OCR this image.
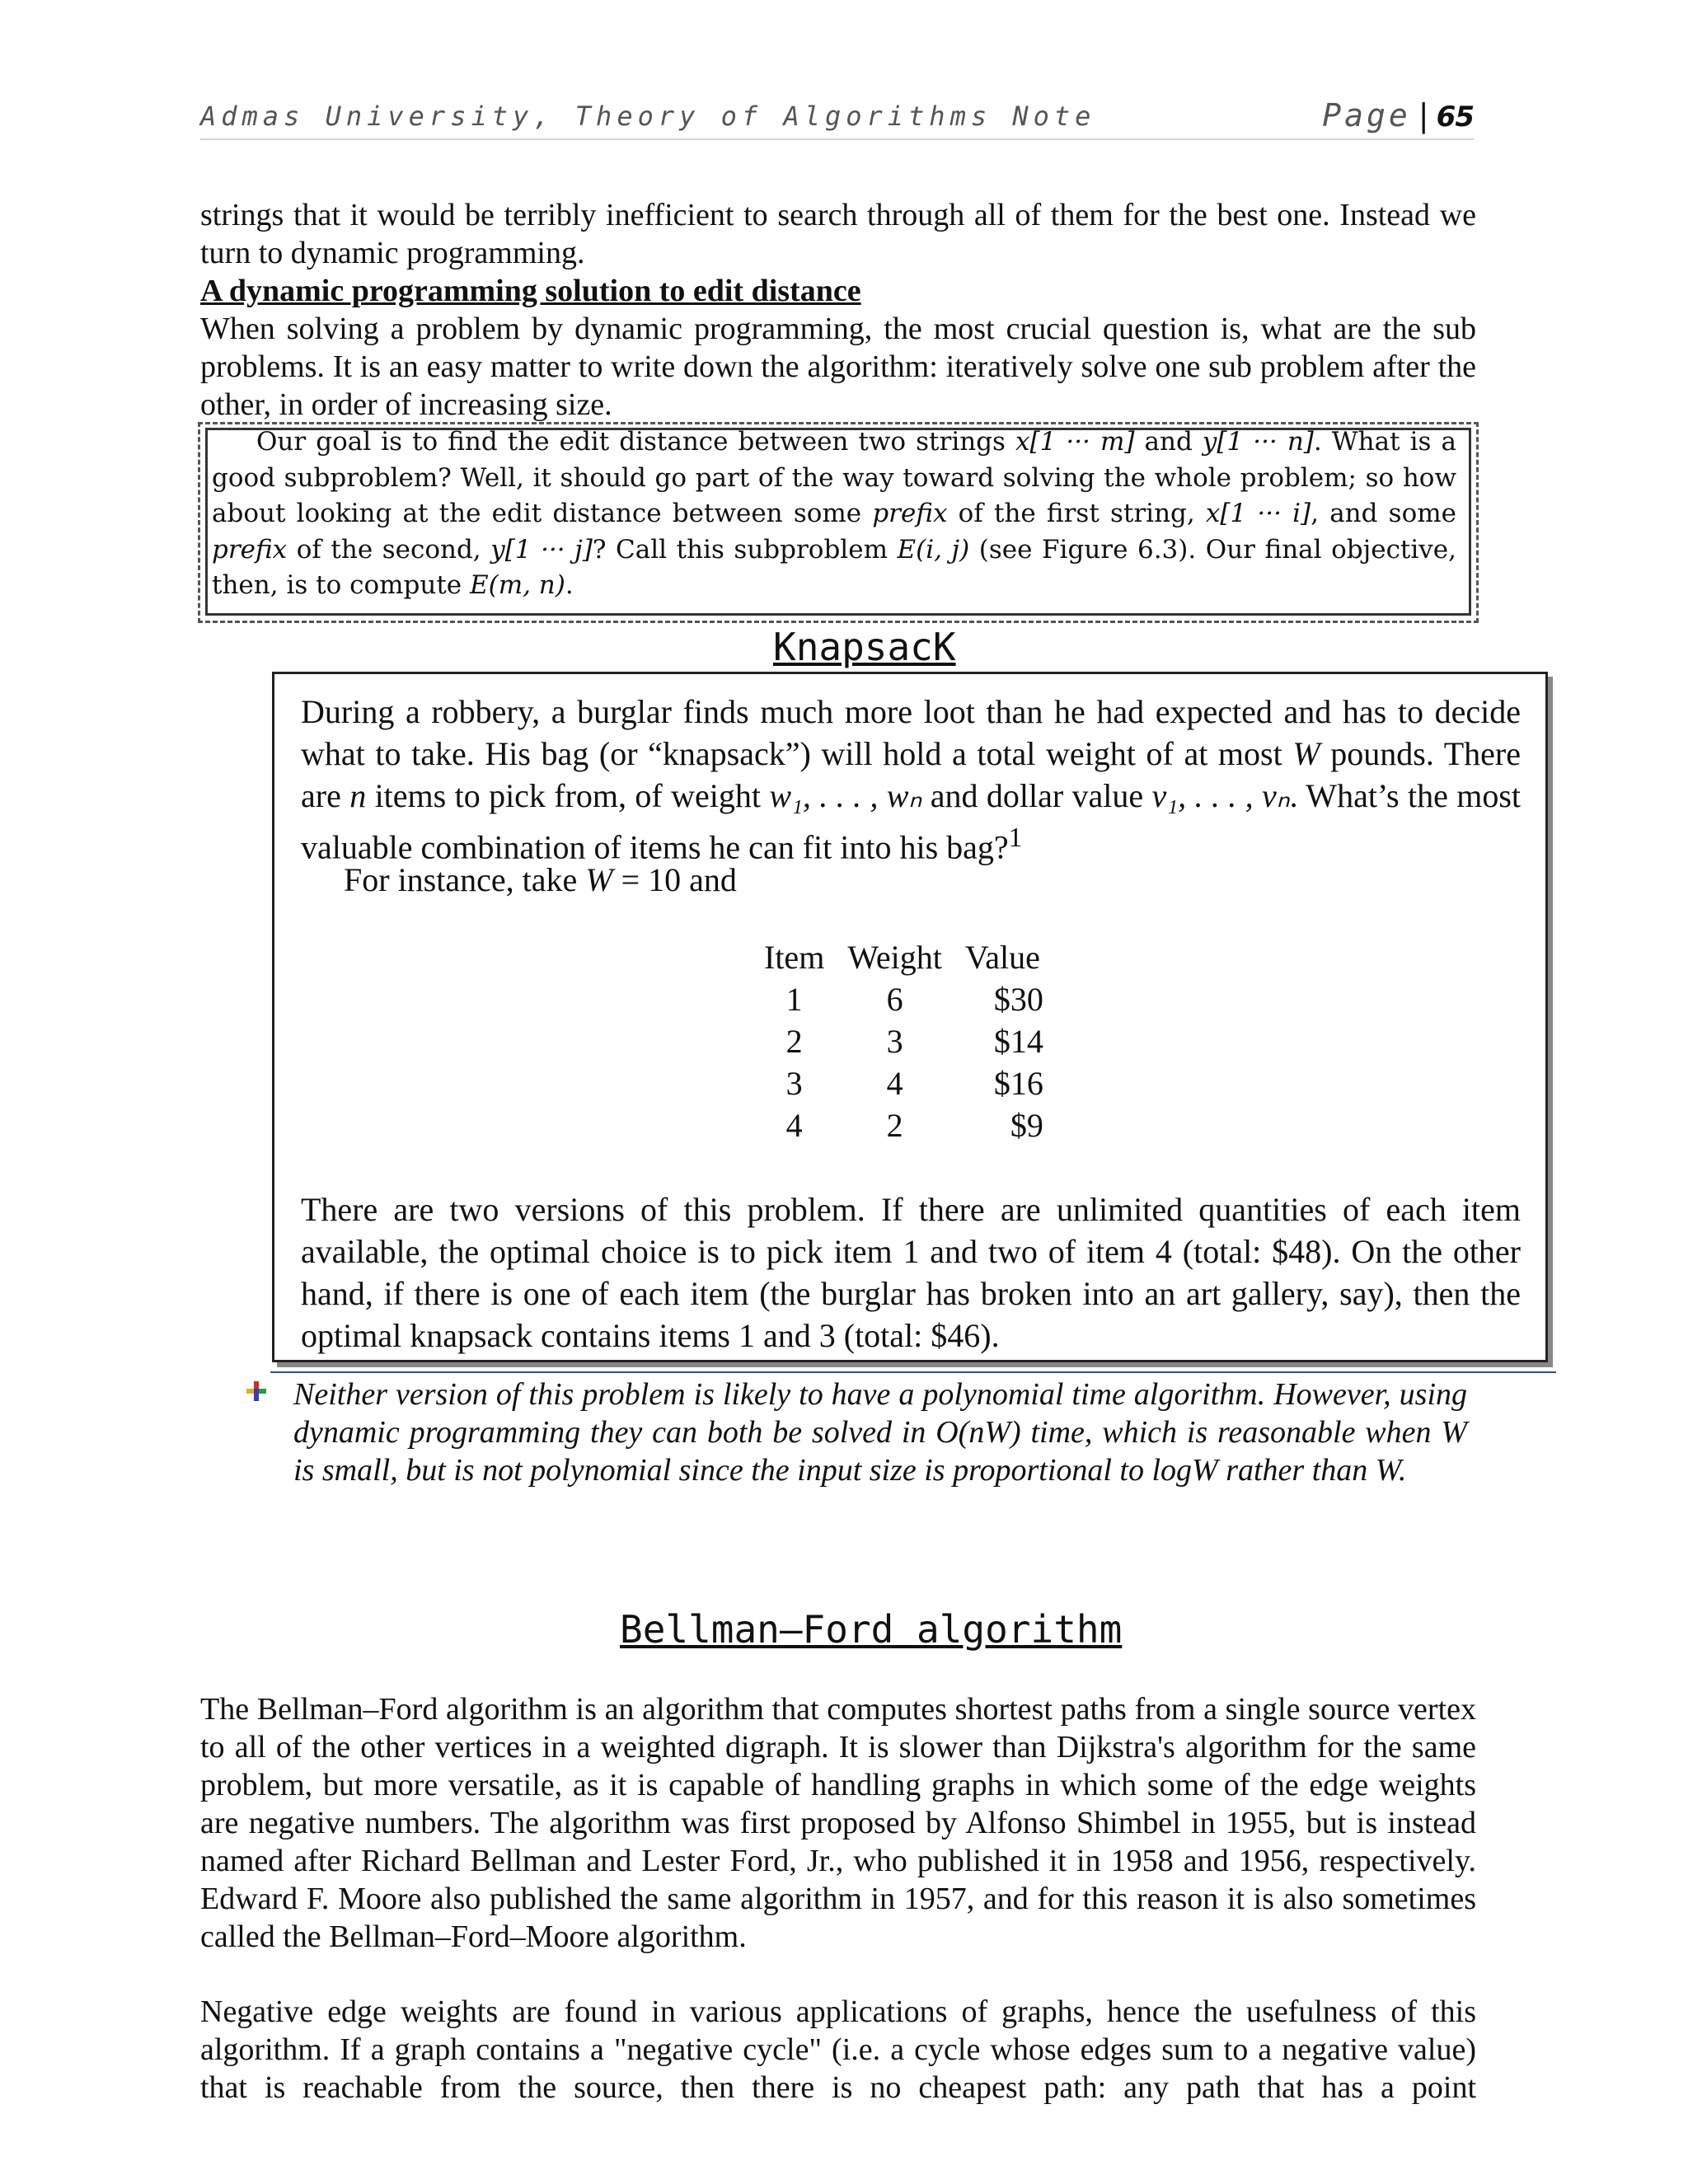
Admas University, Theory of Algorithms Note	Page | 65

strings that it would be terribly inefficient to search through all of them for the best one. Instead we turn to dynamic programming.

A dynamic programming solution to edit distance

When solving a problem by dynamic programming, the most crucial question is, what are the sub problems. It is an easy matter to write down the algorithm: iteratively solve one sub problem after the other, in order of increasing size.

Our goal is to find the edit distance between two strings x[1 ··· m] and y[1 ··· n]. What is a good subproblem? Well, it should go part of the way toward solving the whole problem; so how about looking at the edit distance between some prefix of the first string, x[1 ··· i], and some prefix of the second, y[1 ··· j]? Call this subproblem E(i, j) (see Figure 6.3). Our final objective, then, is to compute E(m, n).

KnapsacK

During a robbery, a burglar finds much more loot than he had expected and has to decide what to take. His bag (or “knapsack”) will hold a total weight of at most W pounds. There are n items to pick from, of weight w₁, . . . , wₙ and dollar value v₁, . . . , vₙ. What’s the most valuable combination of items he can fit into his bag?$^1$

For instance, take W = 10 and

Item	Weight	Value
1	6	$30
2	3	$14
3	4	$16
4	2	$9

There are two versions of this problem. If there are unlimited quantities of each item available, the optimal choice is to pick item 1 and two of item 4 (total: $48). On the other hand, if there is one of each item (the burglar has broken into an art gallery, say), then the optimal knapsack contains items 1 and 3 (total: $46).

Neither version of this problem is likely to have a polynomial time algorithm. However, using dynamic programming they can both be solved in O(nW) time, which is reasonable when W is small, but is not polynomial since the input size is proportional to logW rather than W.

Bellman–Ford algorithm

The Bellman–Ford algorithm is an algorithm that computes shortest paths from a single source vertex to all of the other vertices in a weighted digraph. It is slower than Dijkstra's algorithm for the same problem, but more versatile, as it is capable of handling graphs in which some of the edge weights are negative numbers. The algorithm was first proposed by Alfonso Shimbel in 1955, but is instead named after Richard Bellman and Lester Ford, Jr., who published it in 1958 and 1956, respectively. Edward F. Moore also published the same algorithm in 1957, and for this reason it is also sometimes called the Bellman–Ford–Moore algorithm.

Negative edge weights are found in various applications of graphs, hence the usefulness of this algorithm. If a graph contains a "negative cycle" (i.e. a cycle whose edges sum to a negative value) that is reachable from the source, then there is no cheapest path: any path that has a point
